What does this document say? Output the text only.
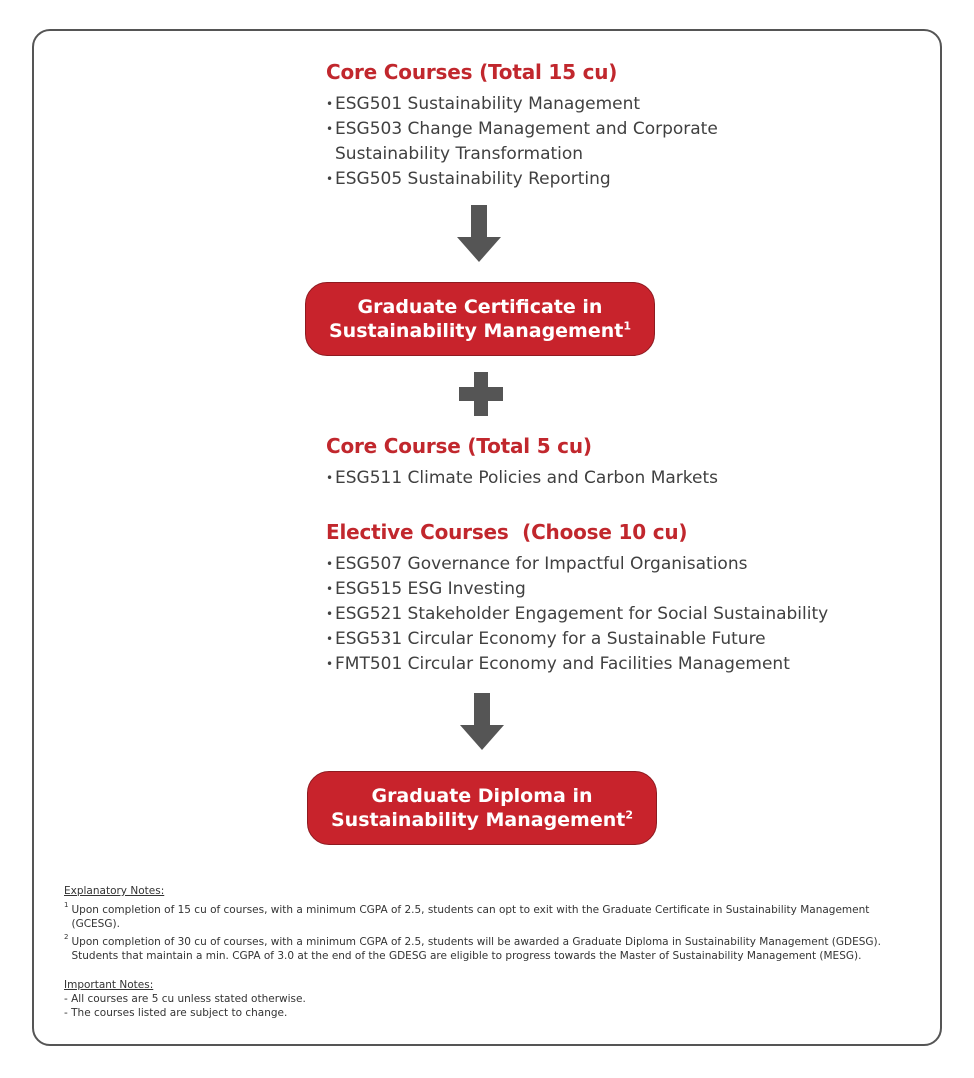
Core Courses (Total 15 cu)
• ESG501 Sustainability Management
• ESG503 Change Management and Corporate Sustainability Transformation
• ESG505 Sustainability Reporting
Graduate Certificate in
Sustainability Management$^1$
Core Course (Total 5 cu)
• ESG511 Climate Policies and Carbon Markets
Elective Courses  (Choose 10 cu)
• ESG507 Governance for Impactful Organisations
• ESG515 ESG Investing
• ESG521 Stakeholder Engagement for Social Sustainability
• ESG531 Circular Economy for a Sustainable Future
• FMT501 Circular Economy and Facilities Management
Graduate Diploma in
Sustainability Management$^2$
Explanatory Notes:
$^1$ Upon completion of 15 cu of courses, with a minimum CGPA of 2.5, students can opt to exit with the Graduate Certificate in Sustainability Management (GCESG).
$^2$ Upon completion of 30 cu of courses, with a minimum CGPA of 2.5, students will be awarded a Graduate Diploma in Sustainability Management (GDESG). Students that maintain a min. CGPA of 3.0 at the end of the GDESG are eligible to progress towards the Master of Sustainability Management (MESG).
Important Notes:
- All courses are 5 cu unless stated otherwise.
- The courses listed are subject to change.
